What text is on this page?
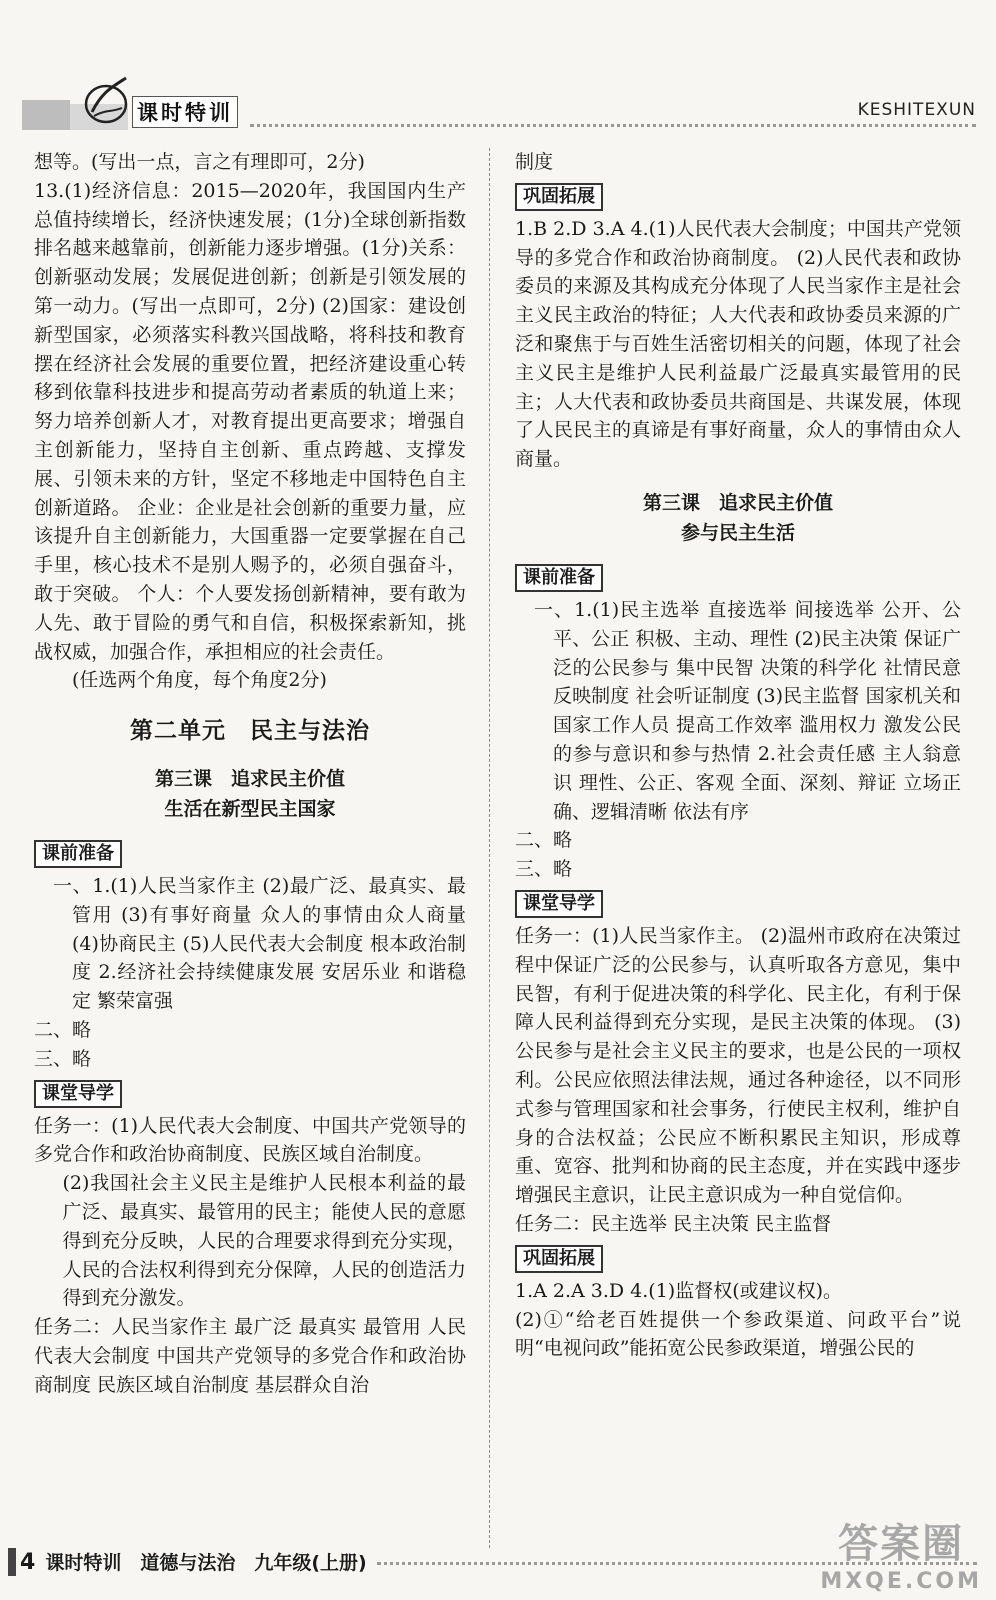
课时特训	KESHITEXUN

想等。(写出一点，言之有理即可，2分)

13.(1)经济信息：2015—2020年，我国国内生产总值持续增长，经济快速发展；(1分)全球创新指数排名越来越靠前，创新能力逐步增强。(1分)关系：创新驱动发展；发展促进创新；创新是引领发展的第一动力。(写出一点即可，2分) (2)国家：建设创新型国家，必须落实科教兴国战略，将科技和教育摆在经济社会发展的重要位置，把经济建设重心转移到依靠科技进步和提高劳动者素质的轨道上来；努力培养创新人才，对教育提出更高要求；增强自主创新能力，坚持自主创新、重点跨越、支撑发展、引领未来的方针，坚定不移地走中国特色自主创新道路。 企业：企业是社会创新的重要力量，应该提升自主创新能力，大国重器一定要掌握在自己手里，核心技术不是别人赐予的，必须自强奋斗，敢于突破。 个人：个人要发扬创新精神，要有敢为人先、敢于冒险的勇气和自信，积极探索新知，挑战权威，加强合作，承担相应的社会责任。

(任选两个角度，每个角度2分)

第二单元　民主与法治
第三课　追求民主价值
生活在新型民主国家
课前准备

一、1.(1)人民当家作主 (2)最广泛、最真实、最管用 (3)有事好商量 众人的事情由众人商量 (4)协商民主 (5)人民代表大会制度 根本政治制度 2.经济社会持续健康发展 安居乐业 和谐稳定 繁荣富强

二、略

三、略

课堂导学

任务一：(1)人民代表大会制度、中国共产党领导的多党合作和政治协商制度、民族区域自治制度。

(2)我国社会主义民主是维护人民根本利益的最广泛、最真实、最管用的民主；能使人民的意愿得到充分反映，人民的合理要求得到充分实现，人民的合法权利得到充分保障，人民的创造活力得到充分激发。

任务二：人民当家作主 最广泛 最真实 最管用 人民代表大会制度 中国共产党领导的多党合作和政治协商制度 民族区域自治制度 基层群众自治

制度

巩固拓展

1.B 2.D 3.A 4.(1)人民代表大会制度；中国共产党领导的多党合作和政治协商制度。 (2)人民代表和政协委员的来源及其构成充分体现了人民当家作主是社会主义民主政治的特征；人大代表和政协委员来源的广泛和聚焦于与百姓生活密切相关的问题，体现了社会主义民主是维护人民利益最广泛最真实最管用的民主；人大代表和政协委员共商国是、共谋发展，体现了人民民主的真谛是有事好商量，众人的事情由众人商量。

第三课　追求民主价值
参与民主生活
课前准备

一、1.(1)民主选举 直接选举 间接选举 公开、公平、公正 积极、主动、理性 (2)民主决策 保证广泛的公民参与 集中民智 决策的科学化 社情民意反映制度 社会听证制度 (3)民主监督 国家机关和国家工作人员 提高工作效率 滥用权力 激发公民的参与意识和参与热情 2.社会责任感 主人翁意识 理性、公正、客观 全面、深刻、辩证 立场正确、逻辑清晰 依法有序

二、略

三、略

课堂导学

任务一：(1)人民当家作主。 (2)温州市政府在决策过程中保证广泛的公民参与，认真听取各方意见，集中民智，有利于促进决策的科学化、民主化，有利于保障人民利益得到充分实现，是民主决策的体现。 (3)公民参与是社会主义民主的要求，也是公民的一项权利。公民应依照法律法规，通过各种途径，以不同形式参与管理国家和社会事务，行使民主权利，维护自身的合法权益；公民应不断积累民主知识，形成尊重、宽容、批判和协商的民主态度，并在实践中逐步增强民主意识，让民主意识成为一种自觉信仰。

任务二：民主选举 民主决策 民主监督

巩固拓展

1.A 2.A 3.D 4.(1)监督权(或建议权)。

(2)①“给老百姓提供一个参政渠道、问政平台”说明“电视问政”能拓宽公民参政渠道，增强公民的

4 课时特训　道德与法治　九年级(上册)	答案圈
MXQE.COM
